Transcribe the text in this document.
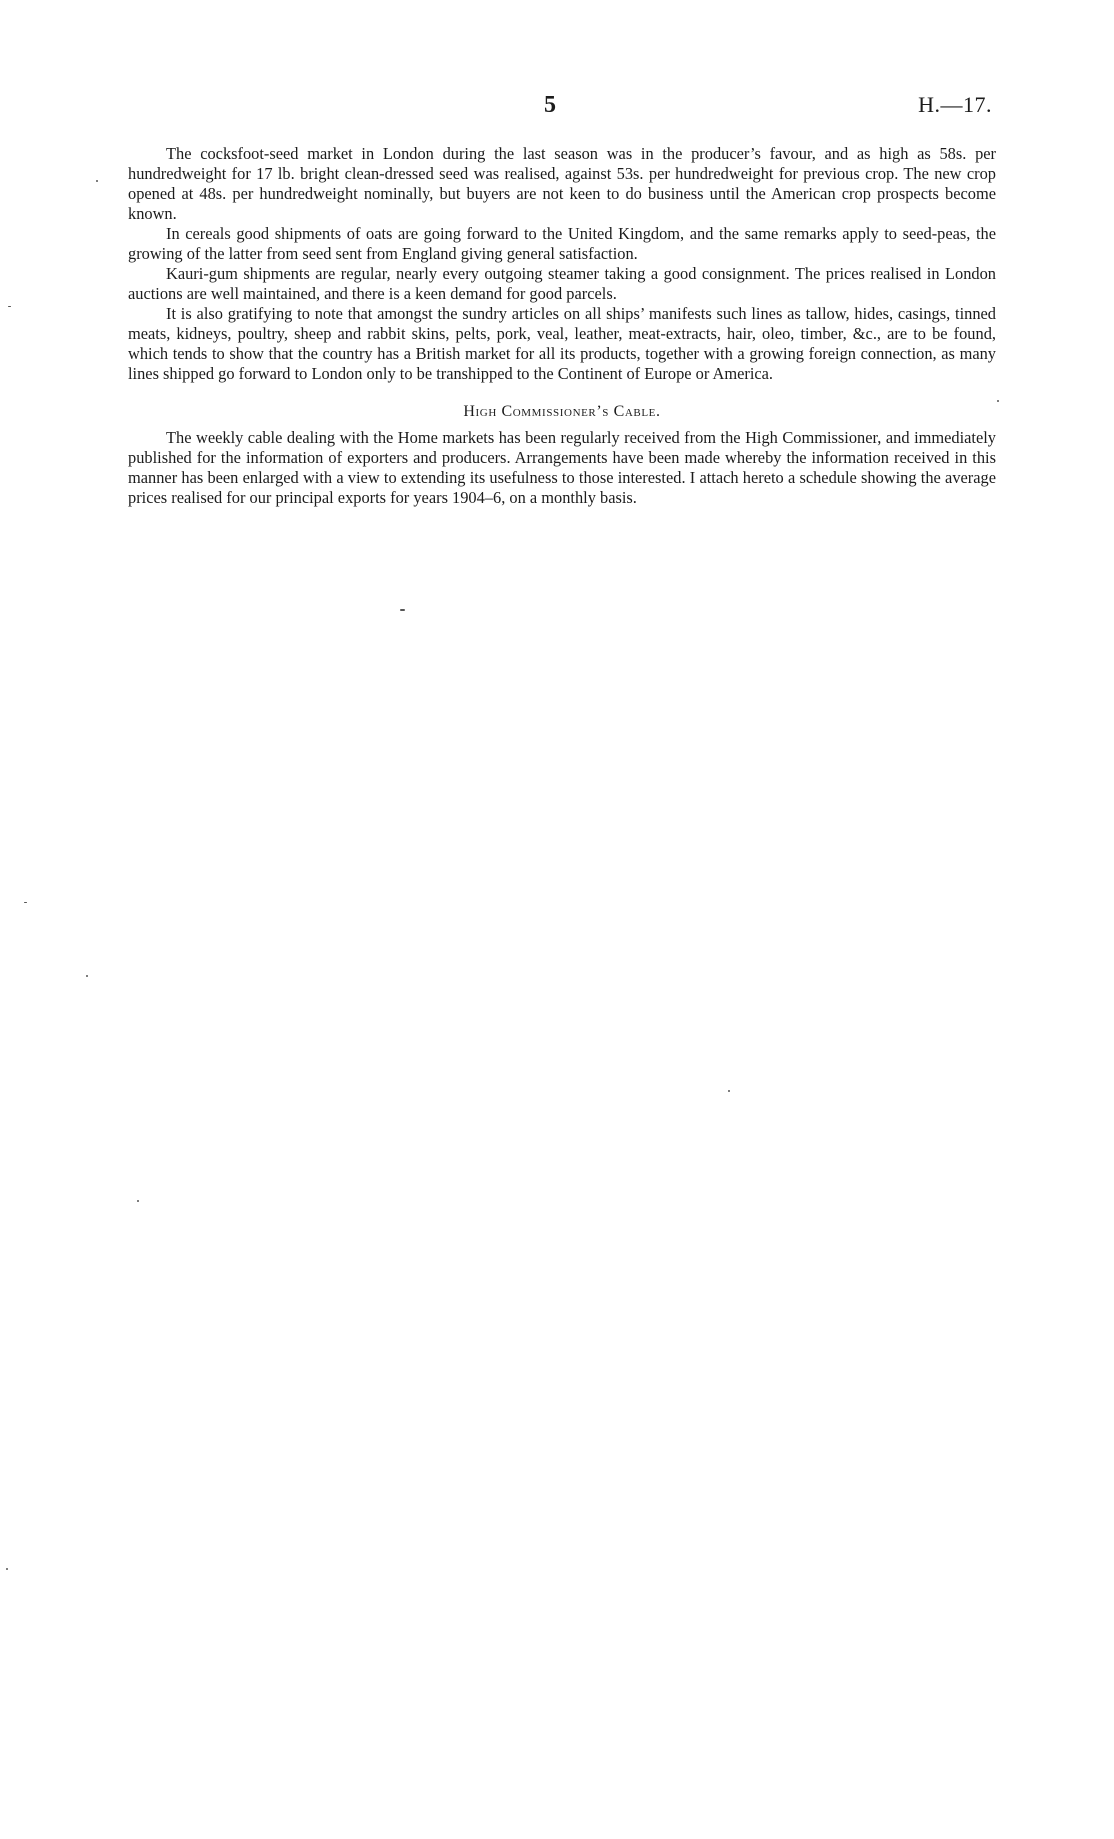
5	H.—17.

The cocksfoot-seed market in London during the last season was in the producer’s favour, and as high as 58s. per hundredweight for 17 lb. bright clean-dressed seed was realised, against 53s. per hundredweight for previous crop. The new crop opened at 48s. per hundredweight nominally, but buyers are not keen to do business until the American crop prospects become known.

In cereals good shipments of oats are going forward to the United Kingdom, and the same remarks apply to seed-peas, the growing of the latter from seed sent from England giving general satisfaction.

Kauri-gum shipments are regular, nearly every outgoing steamer taking a good consignment. The prices realised in London auctions are well maintained, and there is a keen demand for good parcels.

It is also gratifying to note that amongst the sundry articles on all ships’ manifests such lines as tallow, hides, casings, tinned meats, kidneys, poultry, sheep and rabbit skins, pelts, pork, veal, leather, meat-extracts, hair, oleo, timber, &c., are to be found, which tends to show that the country has a British market for all its products, together with a growing foreign connection, as many lines shipped go forward to London only to be transhipped to the Continent of Europe or America.

High Commissioner’s Cable.

The weekly cable dealing with the Home markets has been regularly received from the High Commissioner, and immediately published for the information of exporters and producers. Arrangements have been made whereby the information received in this manner has been enlarged with a view to extending its usefulness to those interested. I attach hereto a schedule showing the average prices realised for our principal exports for years 1904–6, on a monthly basis.
